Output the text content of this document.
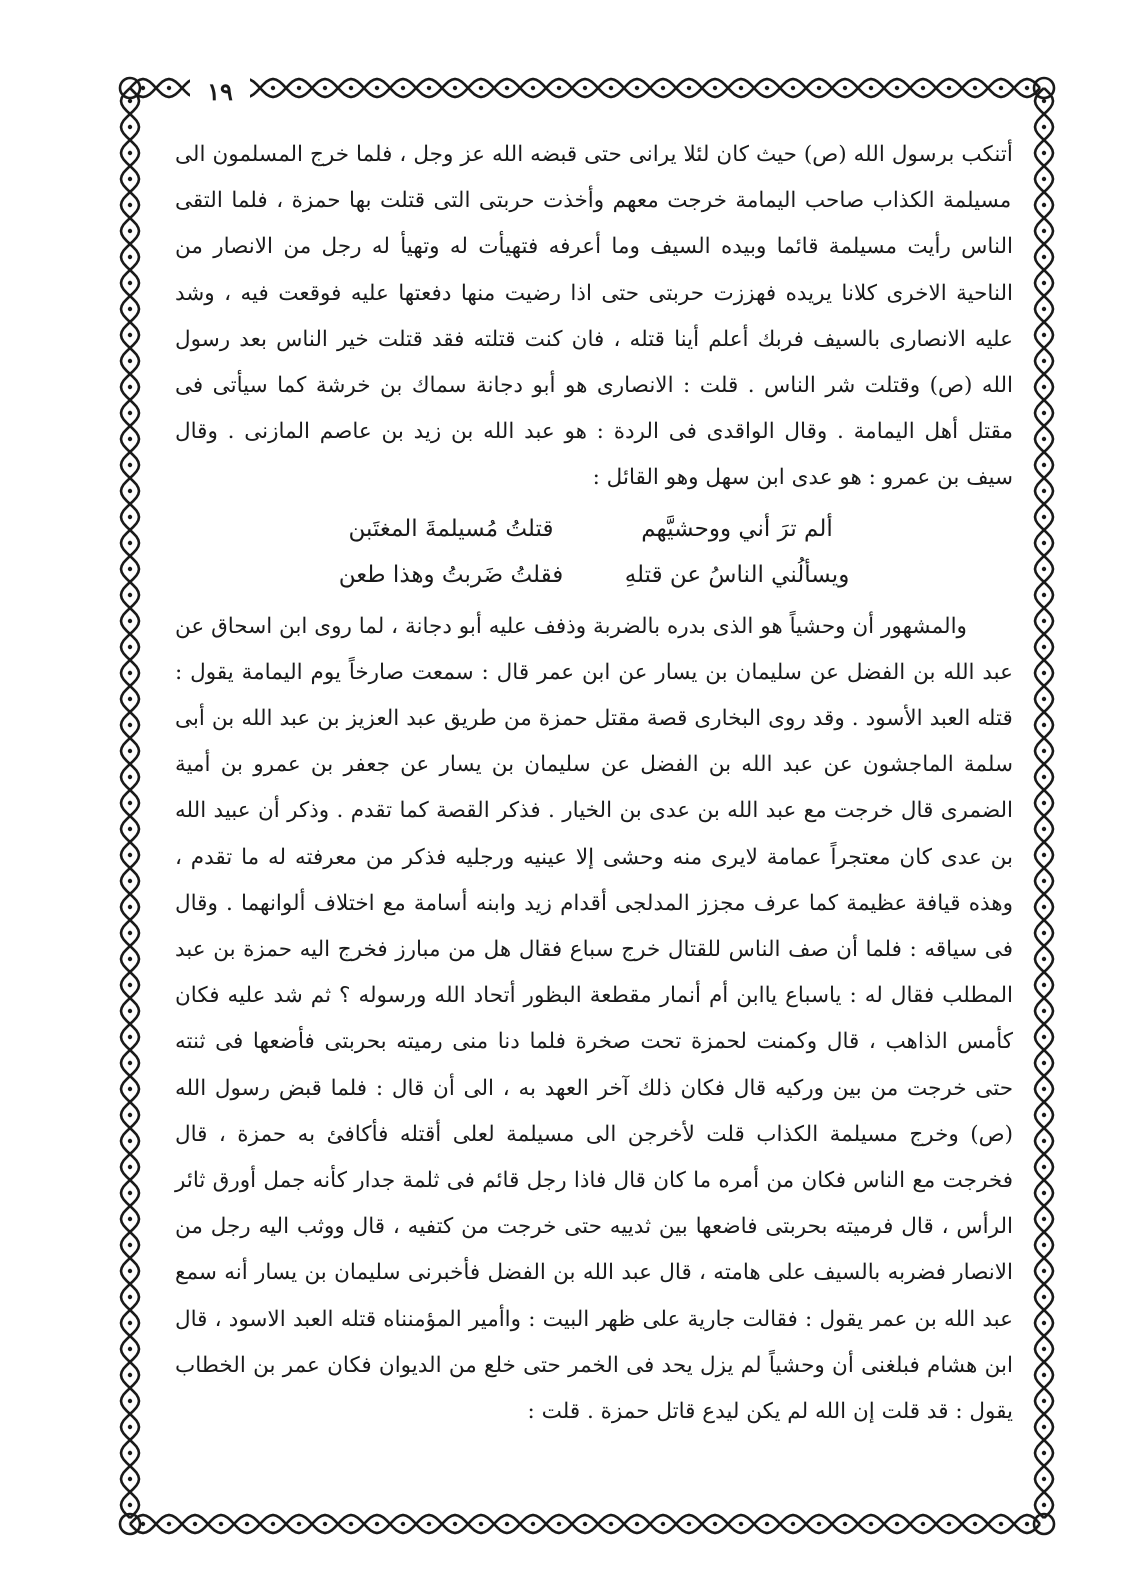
١٩

أتنكب برسول الله (ص) حيث كان لئلا يرانى حتى قبضه الله عز وجل ، فلما خرج المسلمون الى مسيلمة الكذاب صاحب اليمامة خرجت معهم وأخذت حربتى التى قتلت بها حمزة ، فلما التقى الناس رأيت مسيلمة قائما وبيده السيف وما أعرفه فتهيأت له وتهيأ له رجل من الانصار من الناحية الاخرى كلانا يريده فهززت حربتى حتى اذا رضيت منها دفعتها عليه فوقعت فيه ، وشد عليه الانصارى بالسيف فربك أعلم أينا قتله ، فان كنت قتلته فقد قتلت خير الناس بعد رسول الله (ص) وقتلت شر الناس . قلت : الانصارى هو أبو دجانة سماك بن خرشة كما سيأتى فى مقتل أهل اليمامة . وقال الواقدى فى الردة : هو عبد الله بن زيد بن عاصم المازنى . وقال سيف بن عمرو : هو عدى ابن سهل وهو القائل :

ألم ترَ أني ووحشيَّهم
قتلتُ مُسيلمةَ المغتَبن
ويسألُني الناسُ عن قتلهِ
فقلتُ ضَربتُ وهذا طعن

والمشهور أن وحشياً هو الذى بدره بالضربة وذفف عليه أبو دجانة ، لما روى ابن اسحاق عن عبد الله بن الفضل عن سليمان بن يسار عن ابن عمر قال : سمعت صارخاً يوم اليمامة يقول : قتله العبد الأسود . وقد روى البخارى قصة مقتل حمزة من طريق عبد العزيز بن عبد الله بن أبى سلمة الماجشون عن عبد الله بن الفضل عن سليمان بن يسار عن جعفر بن عمرو بن أمية الضمرى قال خرجت مع عبد الله بن عدى بن الخيار . فذكر القصة كما تقدم . وذكر أن عبيد الله بن عدى كان معتجراً عمامة لايرى منه وحشى إلا عينيه ورجليه فذكر من معرفته له ما تقدم ، وهذه قيافة عظيمة كما عرف مجزز المدلجى أقدام زيد وابنه أسامة مع اختلاف ألوانهما . وقال فى سياقه : فلما أن صف الناس للقتال خرج سباع فقال هل من مبارز فخرج اليه حمزة بن عبد المطلب فقال له : ياسباع ياابن أم أنمار مقطعة البظور أتحاد الله ورسوله ؟ ثم شد عليه فكان كأمس الذاهب ، قال وكمنت لحمزة تحت صخرة فلما دنا منى رميته بحربتى فأضعها فى ثنته حتى خرجت من بين وركيه قال فكان ذلك آخر العهد به ، الى أن قال : فلما قبض رسول الله (ص) وخرج مسيلمة الكذاب قلت لأخرجن الى مسيلمة لعلى أقتله فأكافئ به حمزة ، قال فخرجت مع الناس فكان من أمره ما كان قال فاذا رجل قائم فى ثلمة جدار كأنه جمل أورق ثائر الرأس ، قال فرميته بحربتى فاضعها بين ثدييه حتى خرجت من كتفيه ، قال ووثب اليه رجل من الانصار فضربه بالسيف على هامته ، قال عبد الله بن الفضل فأخبرنى سليمان بن يسار أنه سمع عبد الله بن عمر يقول : فقالت جارية على ظهر البيت : واأمير المؤمنناه قتله العبد الاسود ، قال ابن هشام فبلغنى أن وحشياً لم يزل يحد فى الخمر حتى خلع من الديوان فكان عمر بن الخطاب يقول : قد قلت إن الله لم يكن ليدع قاتل حمزة . قلت :
